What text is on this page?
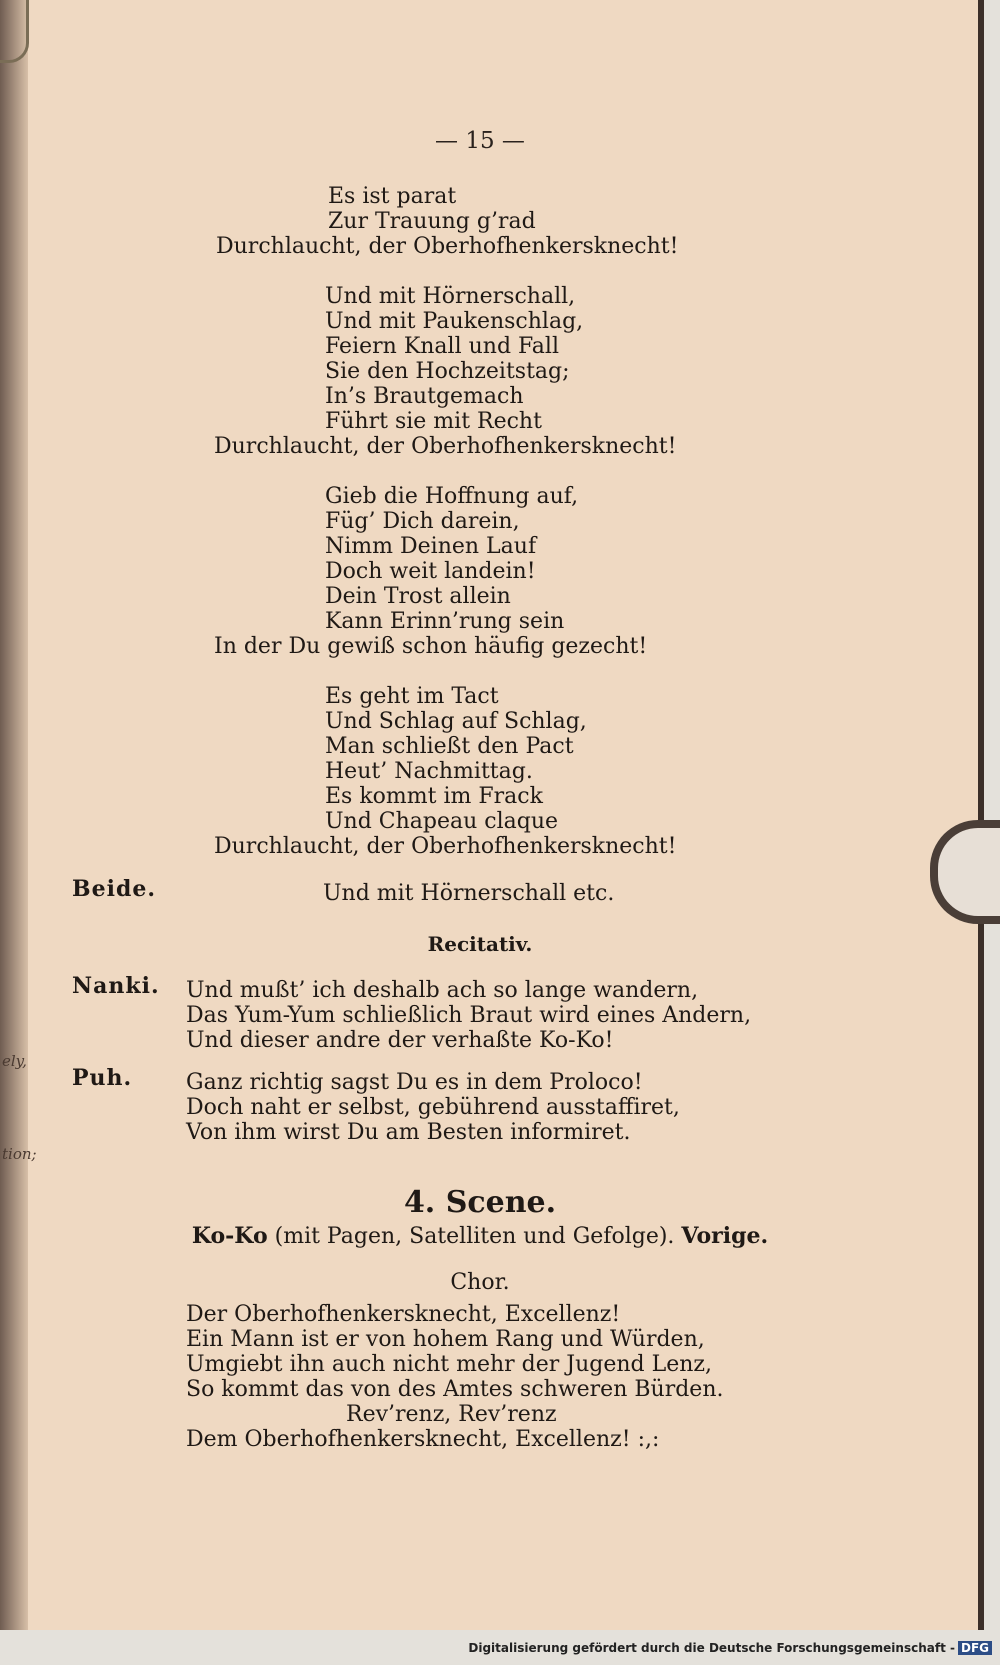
ely,
tion;
— 15 —
Es ist parat
Zur Trauung g’rad
Durchlaucht, der Oberhofhenkersknecht!
Und mit Hörnerschall,
Und mit Paukenschlag,
Feiern Knall und Fall
Sie den Hochzeitstag;
In’s Brautgemach
Führt sie mit Recht
Durchlaucht, der Oberhofhenkersknecht!
Gieb die Hoffnung auf,
Füg’ Dich darein,
Nimm Deinen Lauf
Doch weit landein!
Dein Trost allein
Kann Erinn’rung sein
In der Du gewiß schon häufig gezecht!
Es geht im Tact
Und Schlag auf Schlag,
Man schließt den Pact
Heut’ Nachmittag.
Es kommt im Frack
Und Chapeau claque
Durchlaucht, der Oberhofhenkersknecht!
Beide.	Und mit Hörnerschall etc.
Recitativ.
Nanki. Und mußt’ ich deshalb ach so lange wandern,
Das Yum-Yum schließlich Braut wird eines Andern,
Und dieser andre der verhaßte Ko-Ko!
Puh. Ganz richtig sagst Du es in dem Proloco!
Doch naht er selbst, gebührend ausstaffiret,
Von ihm wirst Du am Besten informiret.
4. Scene.
Ko-Ko (mit Pagen, Satelliten und Gefolge). Vorige.
Chor.
Der Oberhofhenkersknecht, Excellenz!
Ein Mann ist er von hohem Rang und Würden,
Umgiebt ihn auch nicht mehr der Jugend Lenz,
So kommt das von des Amtes schweren Bürden.
Rev’renz, Rev’renz
Dem Oberhofhenkersknecht, Excellenz! :,:
Digitalisierung gefördert durch die Deutsche Forschungsgemeinschaft - DFG
